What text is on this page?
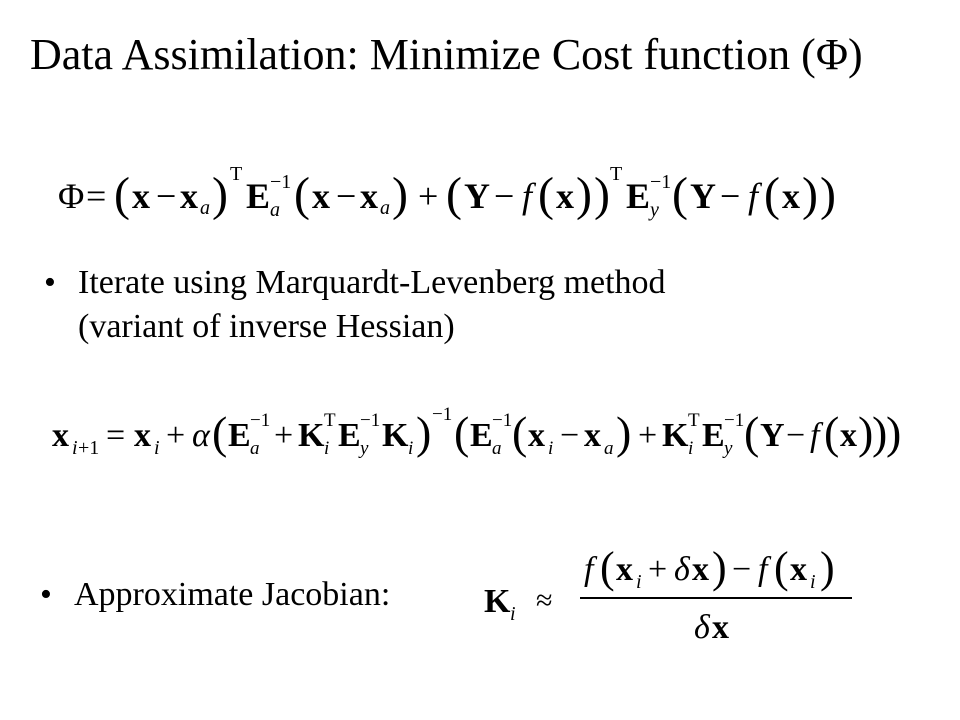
Data Assimilation: Minimize Cost function (Φ)
Φ = ( x − x a ) T
E −1
a ( x − x a ) + ( Y − f ( x ) ) T
E −1
y ( Y − f ( x ) )
• Iterate using Marquardt-Levenberg method
(variant of inverse Hessian)
x i +1 = x i + α ( E −1
a + K T
i E −1
y K i ) −1 ( E −1
a ( x i − x a ) + K T
i E −1
y ( Y − f ( x )
)
)
• Approximate Jacobian:	K i ≈
f ( x i + δ x ) − f ( x i )
δ x
